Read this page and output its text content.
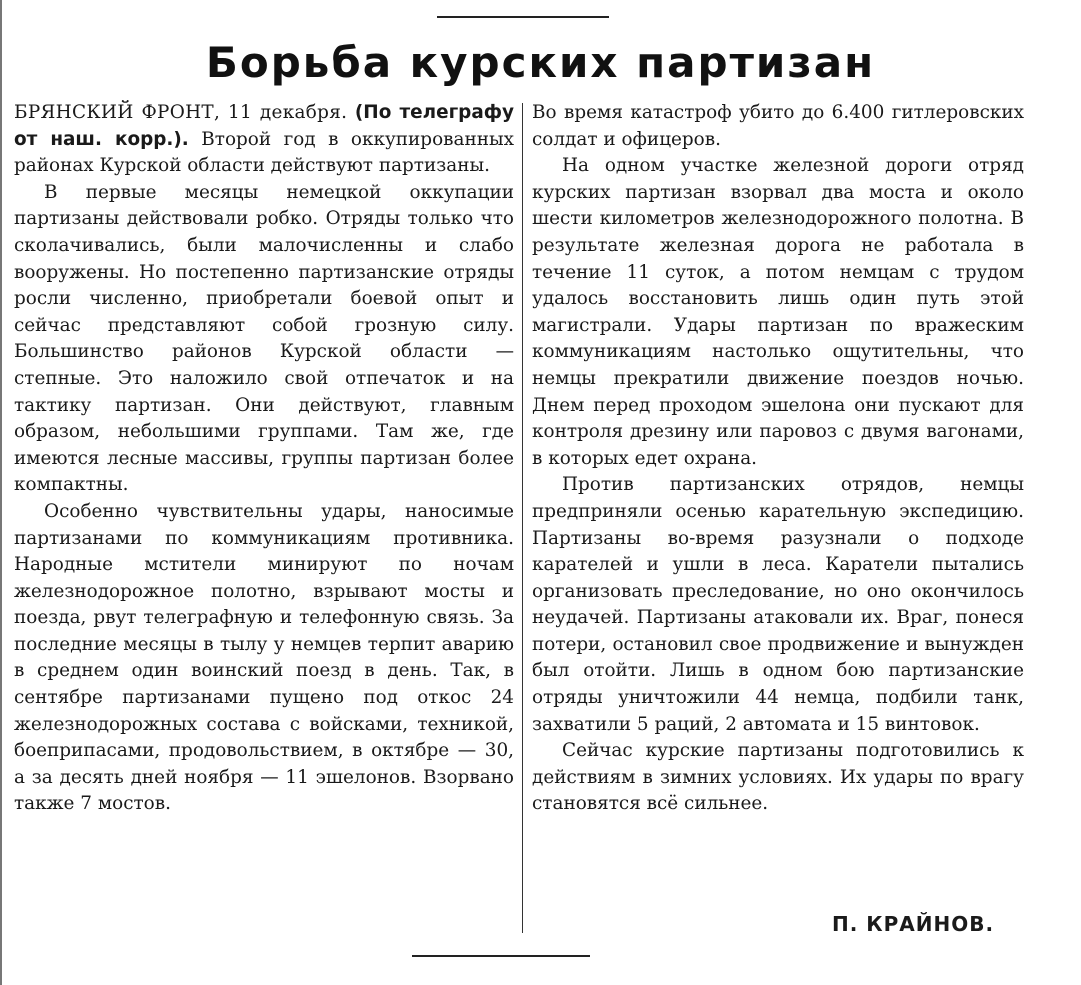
Борьба курских партизан

БРЯНСКИЙ ФРОНТ, 11 декабря. (По телеграфу от наш. корр.). Второй год в оккупированных районах Курской области действуют партизаны.

В первые месяцы немецкой оккупации партизаны действовали робко. Отряды только что сколачивались, были малочисленны и слабо вооружены. Но постепенно партизанские отряды росли численно, приобретали боевой опыт и сейчас представляют собой грозную силу. Большинство районов Курской области — степные. Это наложило свой отпечаток и на тактику партизан. Они действуют, главным образом, небольшими группами. Там же, где имеются лесные массивы, группы партизан более компактны.

Особенно чувствительны удары, наносимые партизанами по коммуникациям противника. Народные мстители минируют по ночам железнодорожное полотно, взрывают мосты и поезда, рвут телеграфную и телефонную связь. За последние месяцы в тылу у немцев терпит аварию в среднем один воинский поезд в день. Так, в сентябре партизанами пущено под откос 24 железнодорожных состава с войсками, техникой, боеприпасами, продовольствием, в октябре — 30, а за десять дней ноября — 11 эшелонов. Взорвано также 7 мостов.

Во время катастроф убито до 6.400 гитлеровских солдат и офицеров.

На одном участке железной дороги отряд курских партизан взорвал два моста и около шести километров железнодорожного полотна. В результате железная дорога не работала в течение 11 суток, а потом немцам с трудом удалось восстановить лишь один путь этой магистрали. Удары партизан по вражеским коммуникациям настолько ощутительны, что немцы прекратили движение поездов ночью. Днем перед проходом эшелона они пускают для контроля дрезину или паровоз с двумя вагонами, в которых едет охрана.

Против партизанских отрядов, немцы предприняли осенью карательную экспедицию. Партизаны во-время разузнали о подходе карателей и ушли в леса. Каратели пытались организовать преследование, но оно окончилось неудачей. Партизаны атаковали их. Враг, понеся потери, остановил свое продвижение и вынужден был отойти. Лишь в одном бою партизанские отряды уничтожили 44 немца, подбили танк, захватили 5 раций, 2 автомата и 15 винтовок.

Сейчас курские партизаны подготовились к действиям в зимних условиях. Их удары по врагу становятся всё сильнее.

П. КРАЙНОВ.
